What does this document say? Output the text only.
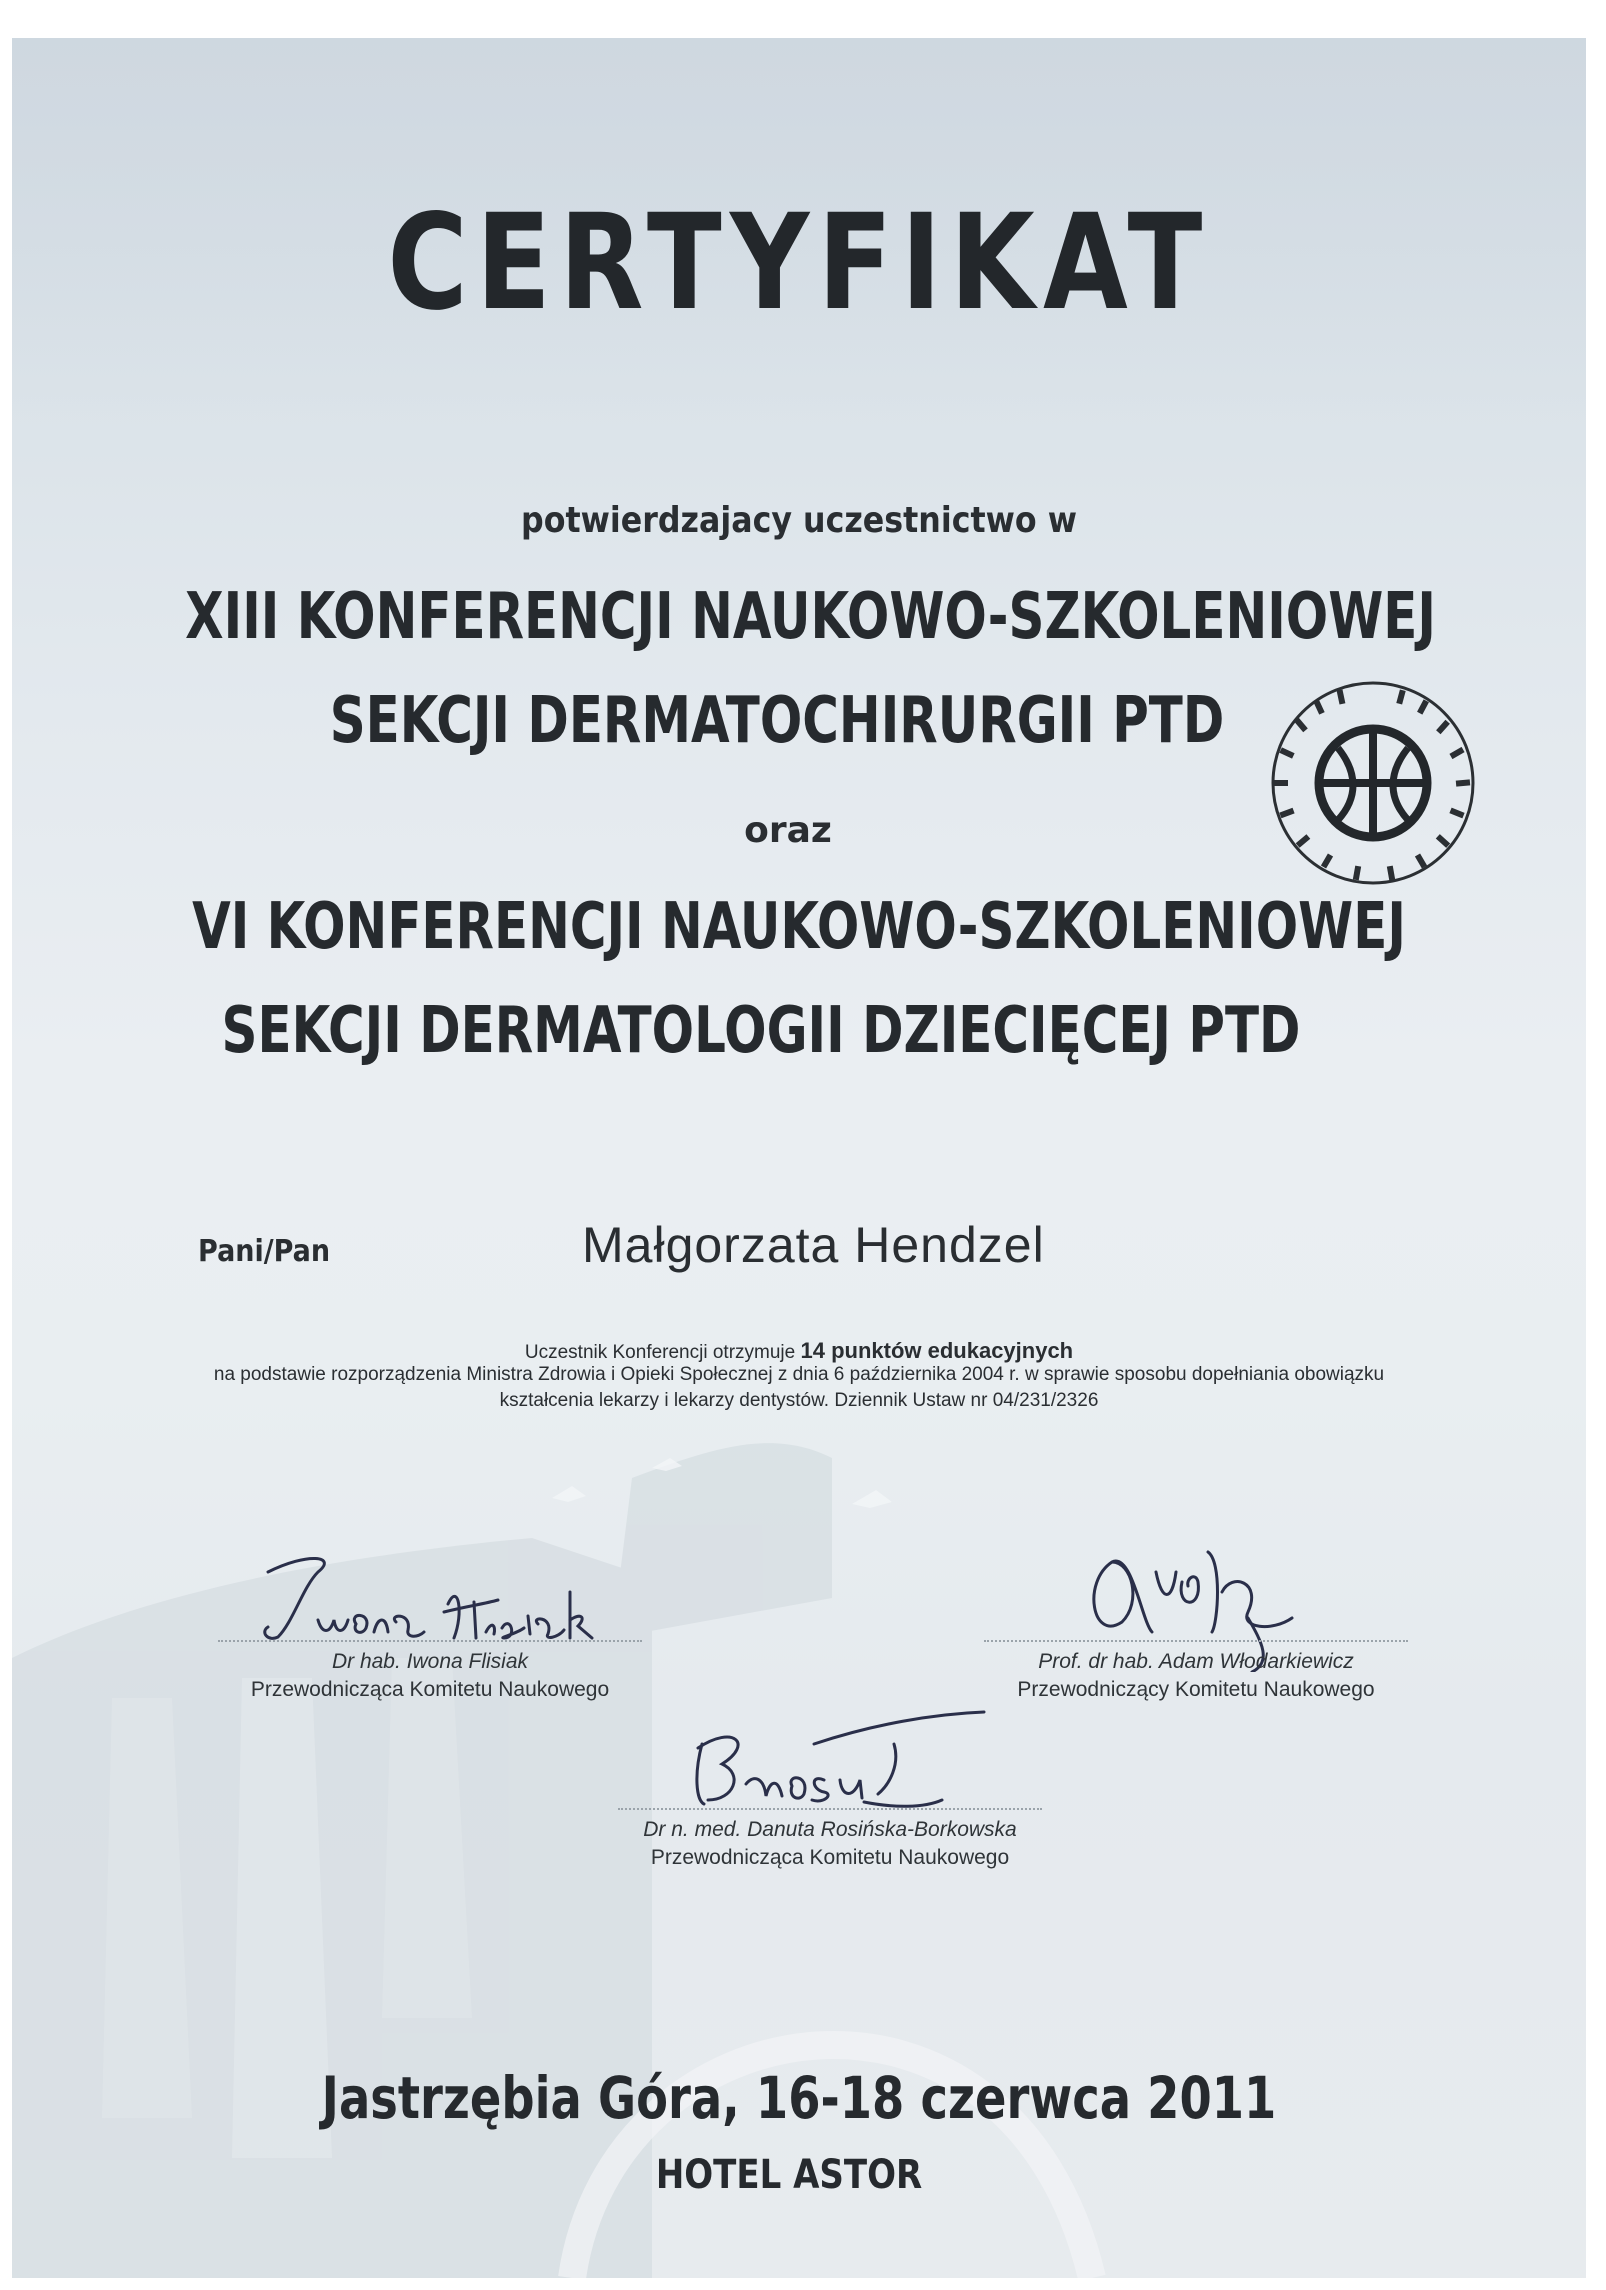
CERTYFIKAT
potwierdzajacy uczestnictwo w
XIII KONFERENCJI NAUKOWO-SZKOLENIOWEJ
SEKCJI DERMATOCHIRURGII PTD
oraz
VI KONFERENCJI NAUKOWO-SZKOLENIOWEJ
SEKCJI DERMATOLOGII DZIECIĘCEJ PTD
Pani/Pan	Małgorzata Hendzel
Uczestnik Konferencji otrzymuje 14 punktów edukacyjnych
na podstawie rozporządzenia Ministra Zdrowia i Opieki Społecznej z dnia 6 października 2004 r. w sprawie sposobu dopełniania obowiązku
kształcenia lekarzy i lekarzy dentystów. Dziennik Ustaw nr 04/231/2326
Dr hab. Iwona Flisiak
Przewodnicząca Komitetu Naukowego
Prof. dr hab. Adam Włodarkiewicz
Przewodniczący Komitetu Naukowego
Dr n. med. Danuta Rosińska-Borkowska
Przewodnicząca Komitetu Naukowego
Jastrzębia Góra, 16-18 czerwca 2011
HOTEL ASTOR
